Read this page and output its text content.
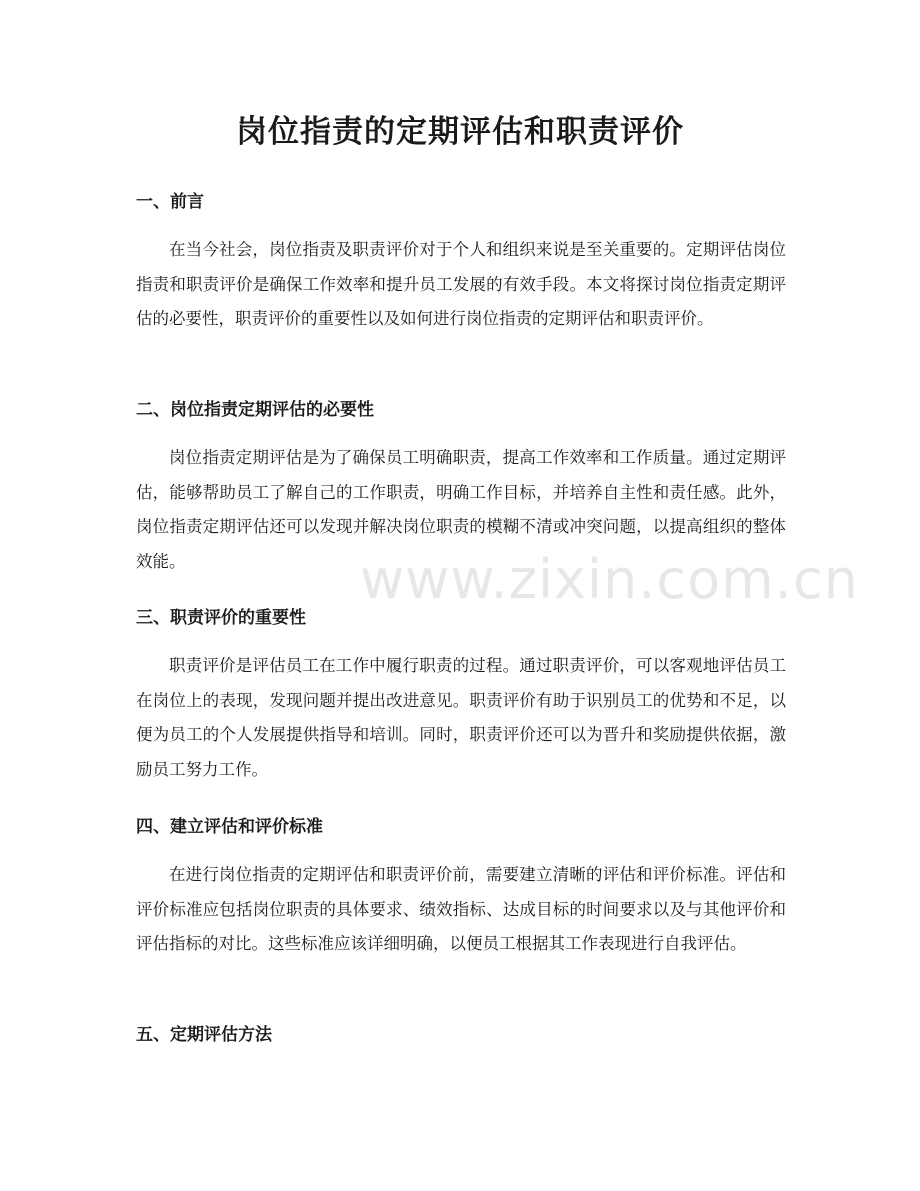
岗位指责的定期评估和职责评价
一、前言

在当今社会，岗位指责及职责评价对于个人和组织来说是至关重要的。定期评估岗位指责和职责评价是确保工作效率和提升员工发展的有效手段。本文将探讨岗位指责定期评估的必要性，职责评价的重要性以及如何进行岗位指责的定期评估和职责评价。

二、岗位指责定期评估的必要性

岗位指责定期评估是为了确保员工明确职责，提高工作效率和工作质量。通过定期评估，能够帮助员工了解自己的工作职责，明确工作目标，并培养自主性和责任感。此外，岗位指责定期评估还可以发现并解决岗位职责的模糊不清或冲突问题，以提高组织的整体效能。

三、职责评价的重要性

职责评价是评估员工在工作中履行职责的过程。通过职责评价，可以客观地评估员工在岗位上的表现，发现问题并提出改进意见。职责评价有助于识别员工的优势和不足，以便为员工的个人发展提供指导和培训。同时，职责评价还可以为晋升和奖励提供依据，激励员工努力工作。

四、建立评估和评价标准

在进行岗位指责的定期评估和职责评价前，需要建立清晰的评估和评价标准。评估和评价标准应包括岗位职责的具体要求、绩效指标、达成目标的时间要求以及与其他评价和评估指标的对比。这些标准应该详细明确，以便员工根据其工作表现进行自我评估。

五、定期评估方法
www.zixin.com.cn
